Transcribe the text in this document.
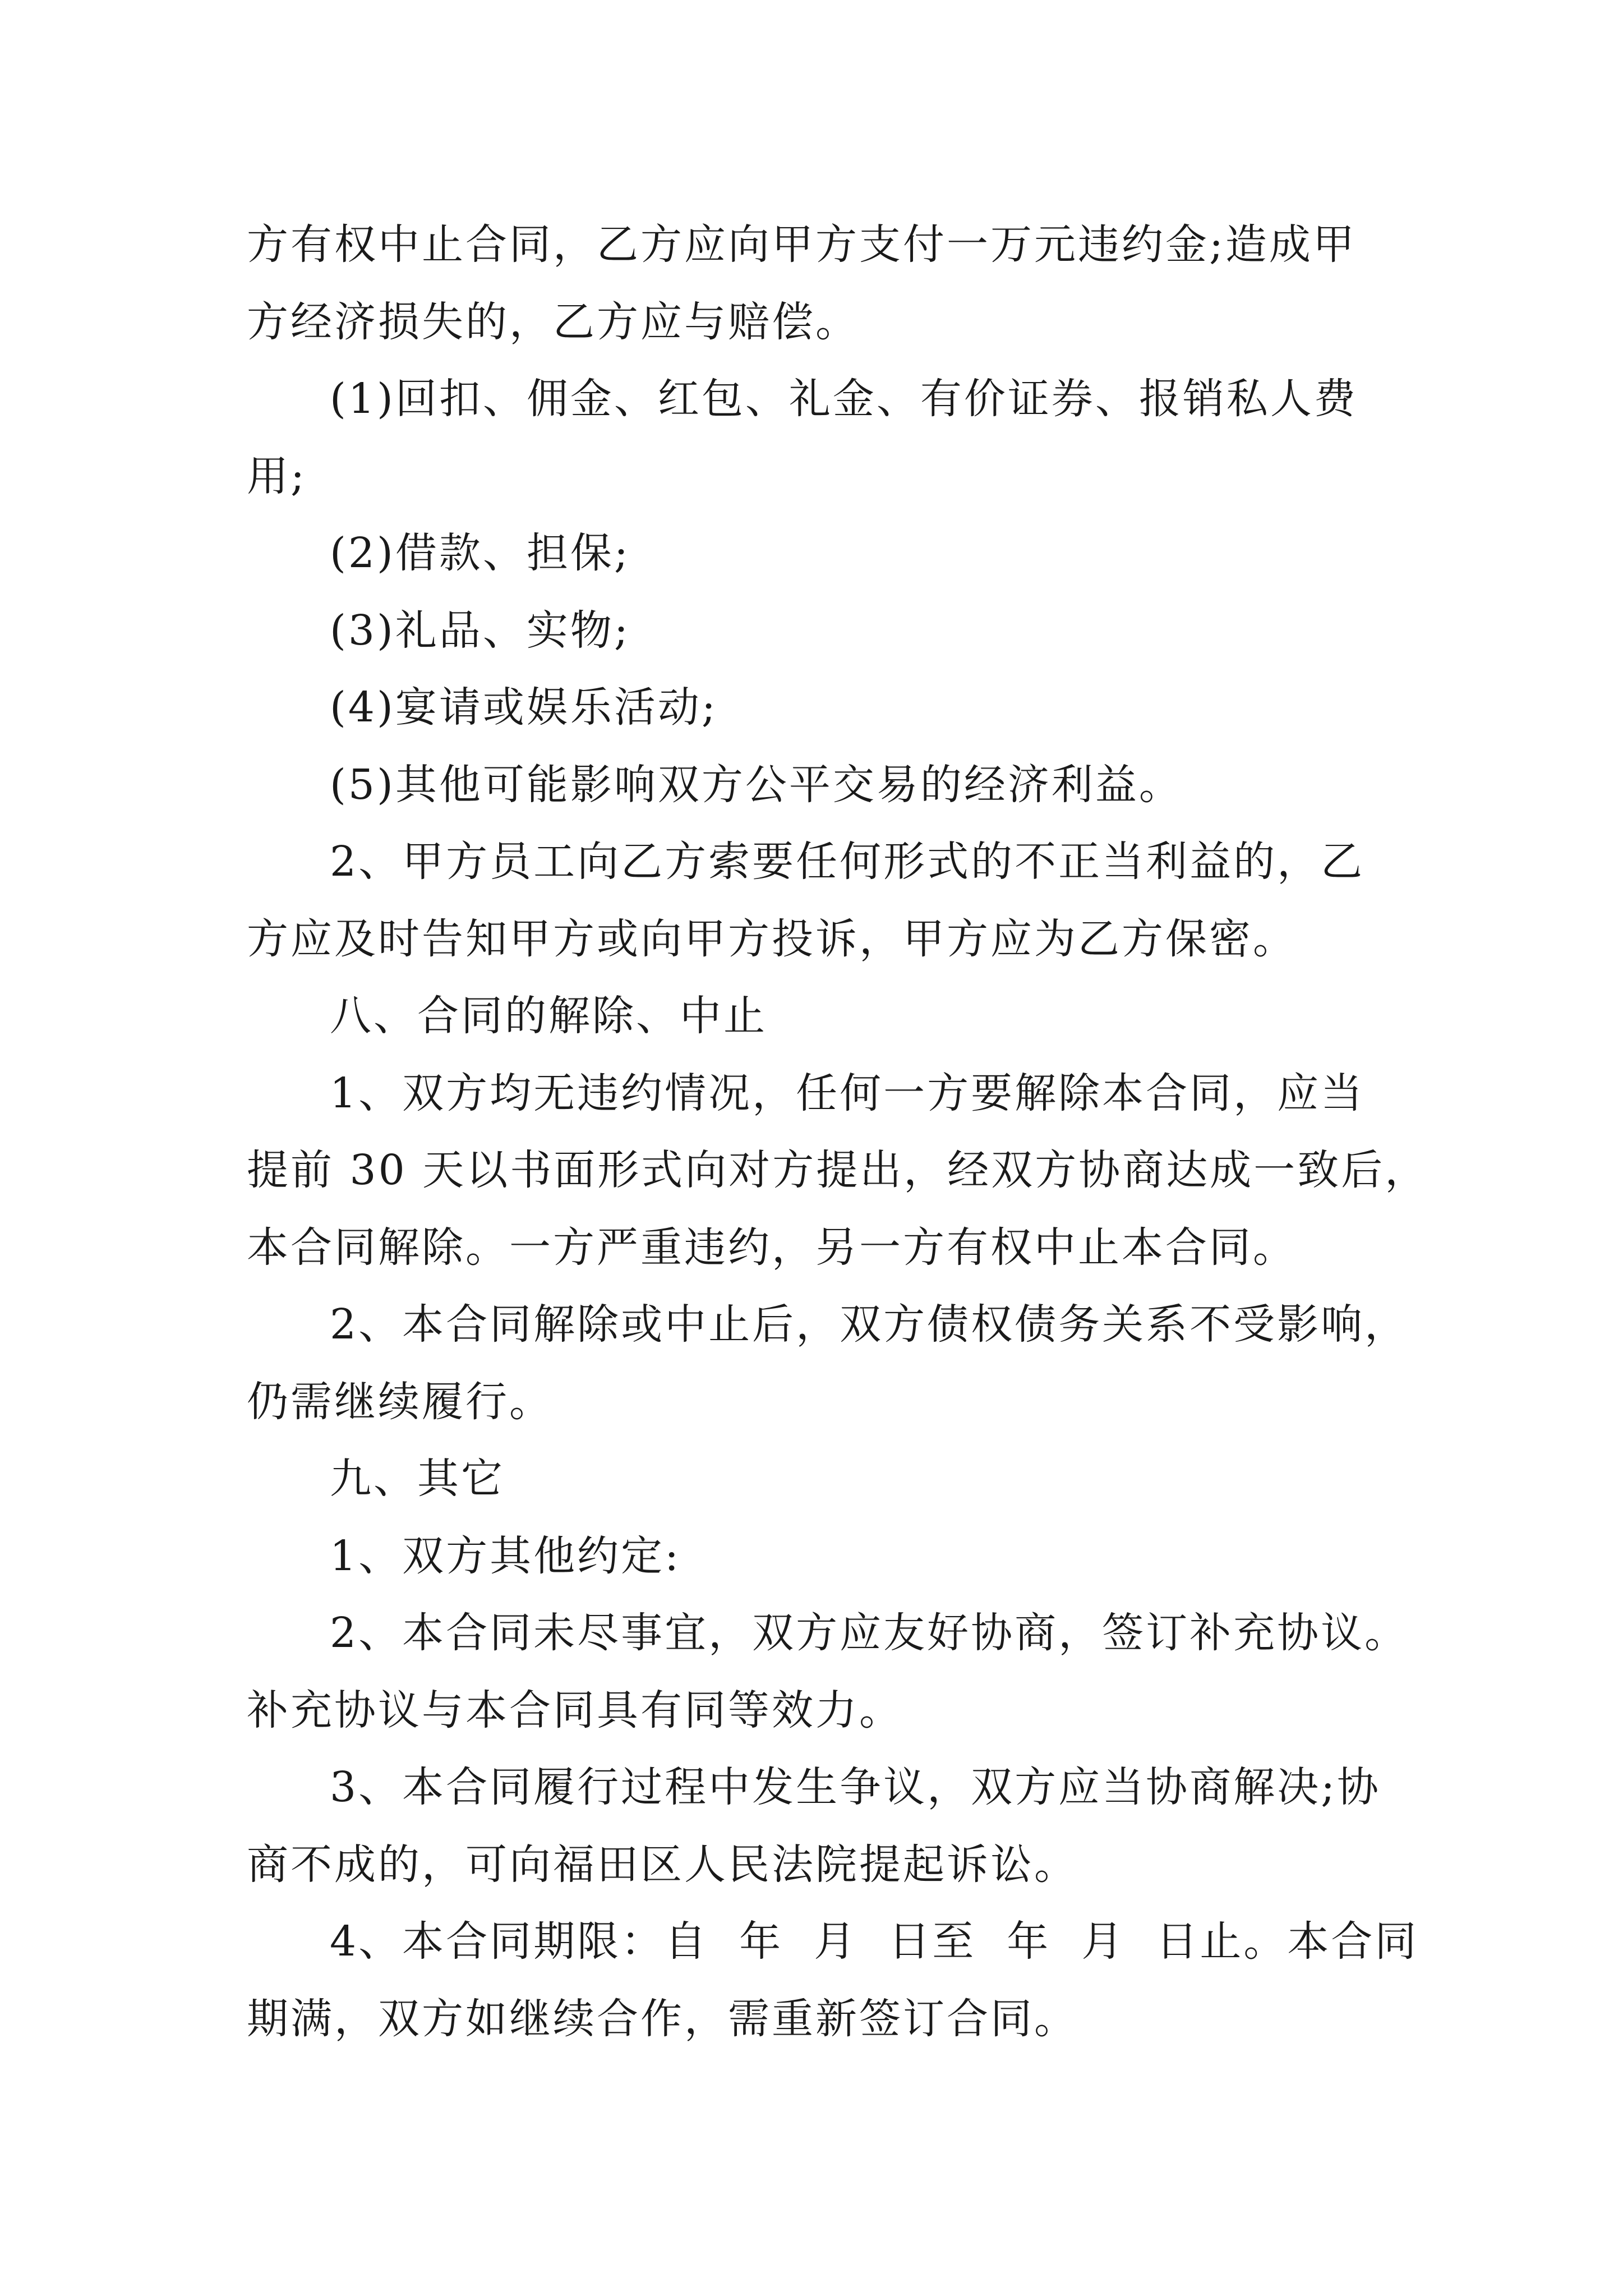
方有权中止合同，乙方应向甲方支付一万元违约金;造成甲
方经济损失的，乙方应与赔偿。

(1)回扣、佣金、红包、礼金、有价证券、报销私人费
用;

(2)借款、担保;

(3)礼品、实物;

(4)宴请或娱乐活动;

(5)其他可能影响双方公平交易的经济利益。

2、甲方员工向乙方索要任何形式的不正当利益的，乙
方应及时告知甲方或向甲方投诉，甲方应为乙方保密。

八、合同的解除、中止

1、双方均无违约情况，任何一方要解除本合同，应当
提前 30 天以书面形式向对方提出，经双方协商达成一致后，
本合同解除。一方严重违约，另一方有权中止本合同。

2、本合同解除或中止后，双方债权债务关系不受影响，
仍需继续履行。

九、其它

1、双方其他约定:

2、本合同未尽事宜，双方应友好协商，签订补充协议。
补充协议与本合同具有同等效力。

3、本合同履行过程中发生争议，双方应当协商解决;协
商不成的，可向福田区人民法院提起诉讼。

4、本合同期限：自  年  月  日至  年  月  日止。本合同
期满，双方如继续合作，需重新签订合同。
